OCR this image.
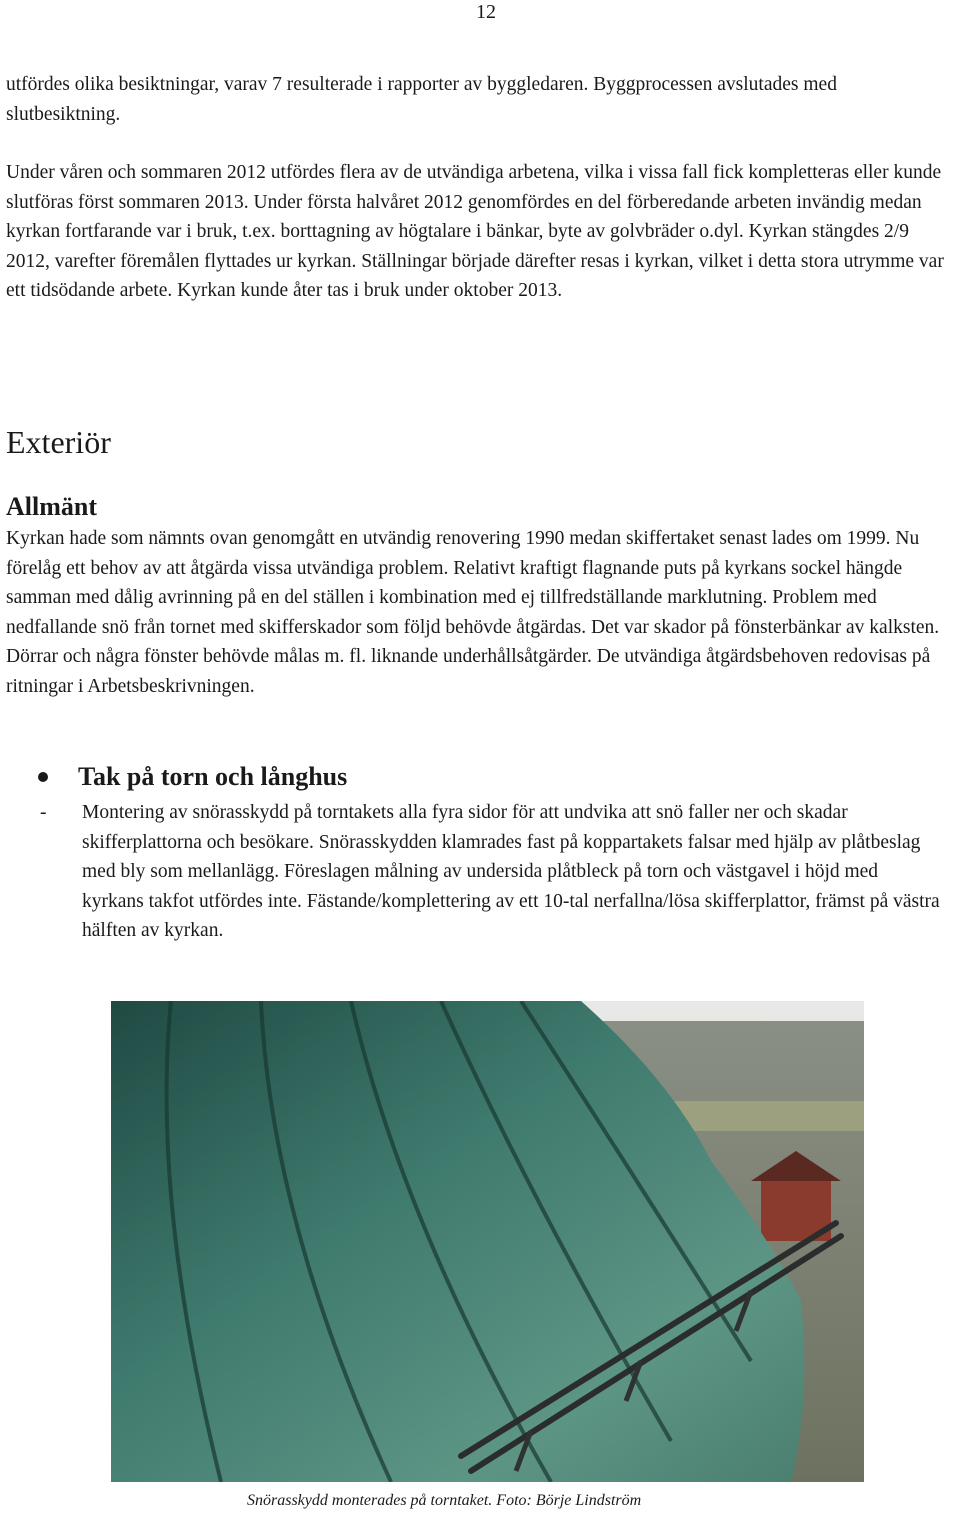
12

utfördes olika besiktningar, varav 7 resulterade i rapporter av byggledaren. Byggprocessen avslutades med slutbesiktning.

Under våren och sommaren 2012 utfördes flera av de utvändiga arbetena, vilka i vissa fall fick kompletteras eller kunde slutföras först sommaren 2013. Under första halvåret 2012 genomfördes en del förberedande arbeten invändig medan kyrkan fortfarande var i bruk, t.ex. borttagning av högtalare i bänkar, byte av golvbräder o.dyl. Kyrkan stängdes 2/9 2012, varefter föremålen flyttades ur kyrkan. Ställningar började därefter resas i kyrkan, vilket i detta stora utrymme var ett tidsödande arbete. Kyrkan kunde åter tas i bruk under oktober 2013.

Exteriör
Allmänt

Kyrkan hade som nämnts ovan genomgått en utvändig renovering 1990 medan skiffertaket senast lades om 1999. Nu förelåg ett behov av att åtgärda vissa utvändiga problem. Relativt kraftigt flagnande puts på kyrkans sockel hängde samman med dålig avrinning på en del ställen i kombination med ej tillfredställande marklutning. Problem med nedfallande snö från tornet med skifferskador som följd behövde åtgärdas. Det var skador på fönsterbänkar av kalksten. Dörrar och några fönster behövde målas m. fl. liknande underhållsåtgärder. De utvändiga åtgärdsbehoven redovisas på ritningar i Arbetsbeskrivningen.

Tak på torn och långhus
- Montering av snörasskydd på torntakets alla fyra sidor för att undvika att snö faller ner och skadar skifferplattorna och besökare. Snörasskydden klamrades fast på koppartakets falsar med hjälp av plåtbeslag med bly som mellanlägg. Föreslagen målning av undersida plåtbleck på torn och västgavel i höjd med kyrkans takfot utfördes inte. Fästande/komplettering av ett 10-tal nerfallna/lösa skifferplattor, främst på västra hälften av kyrkan.

Snörasskydd monterades på torntaket. Foto: Börje Lindström
